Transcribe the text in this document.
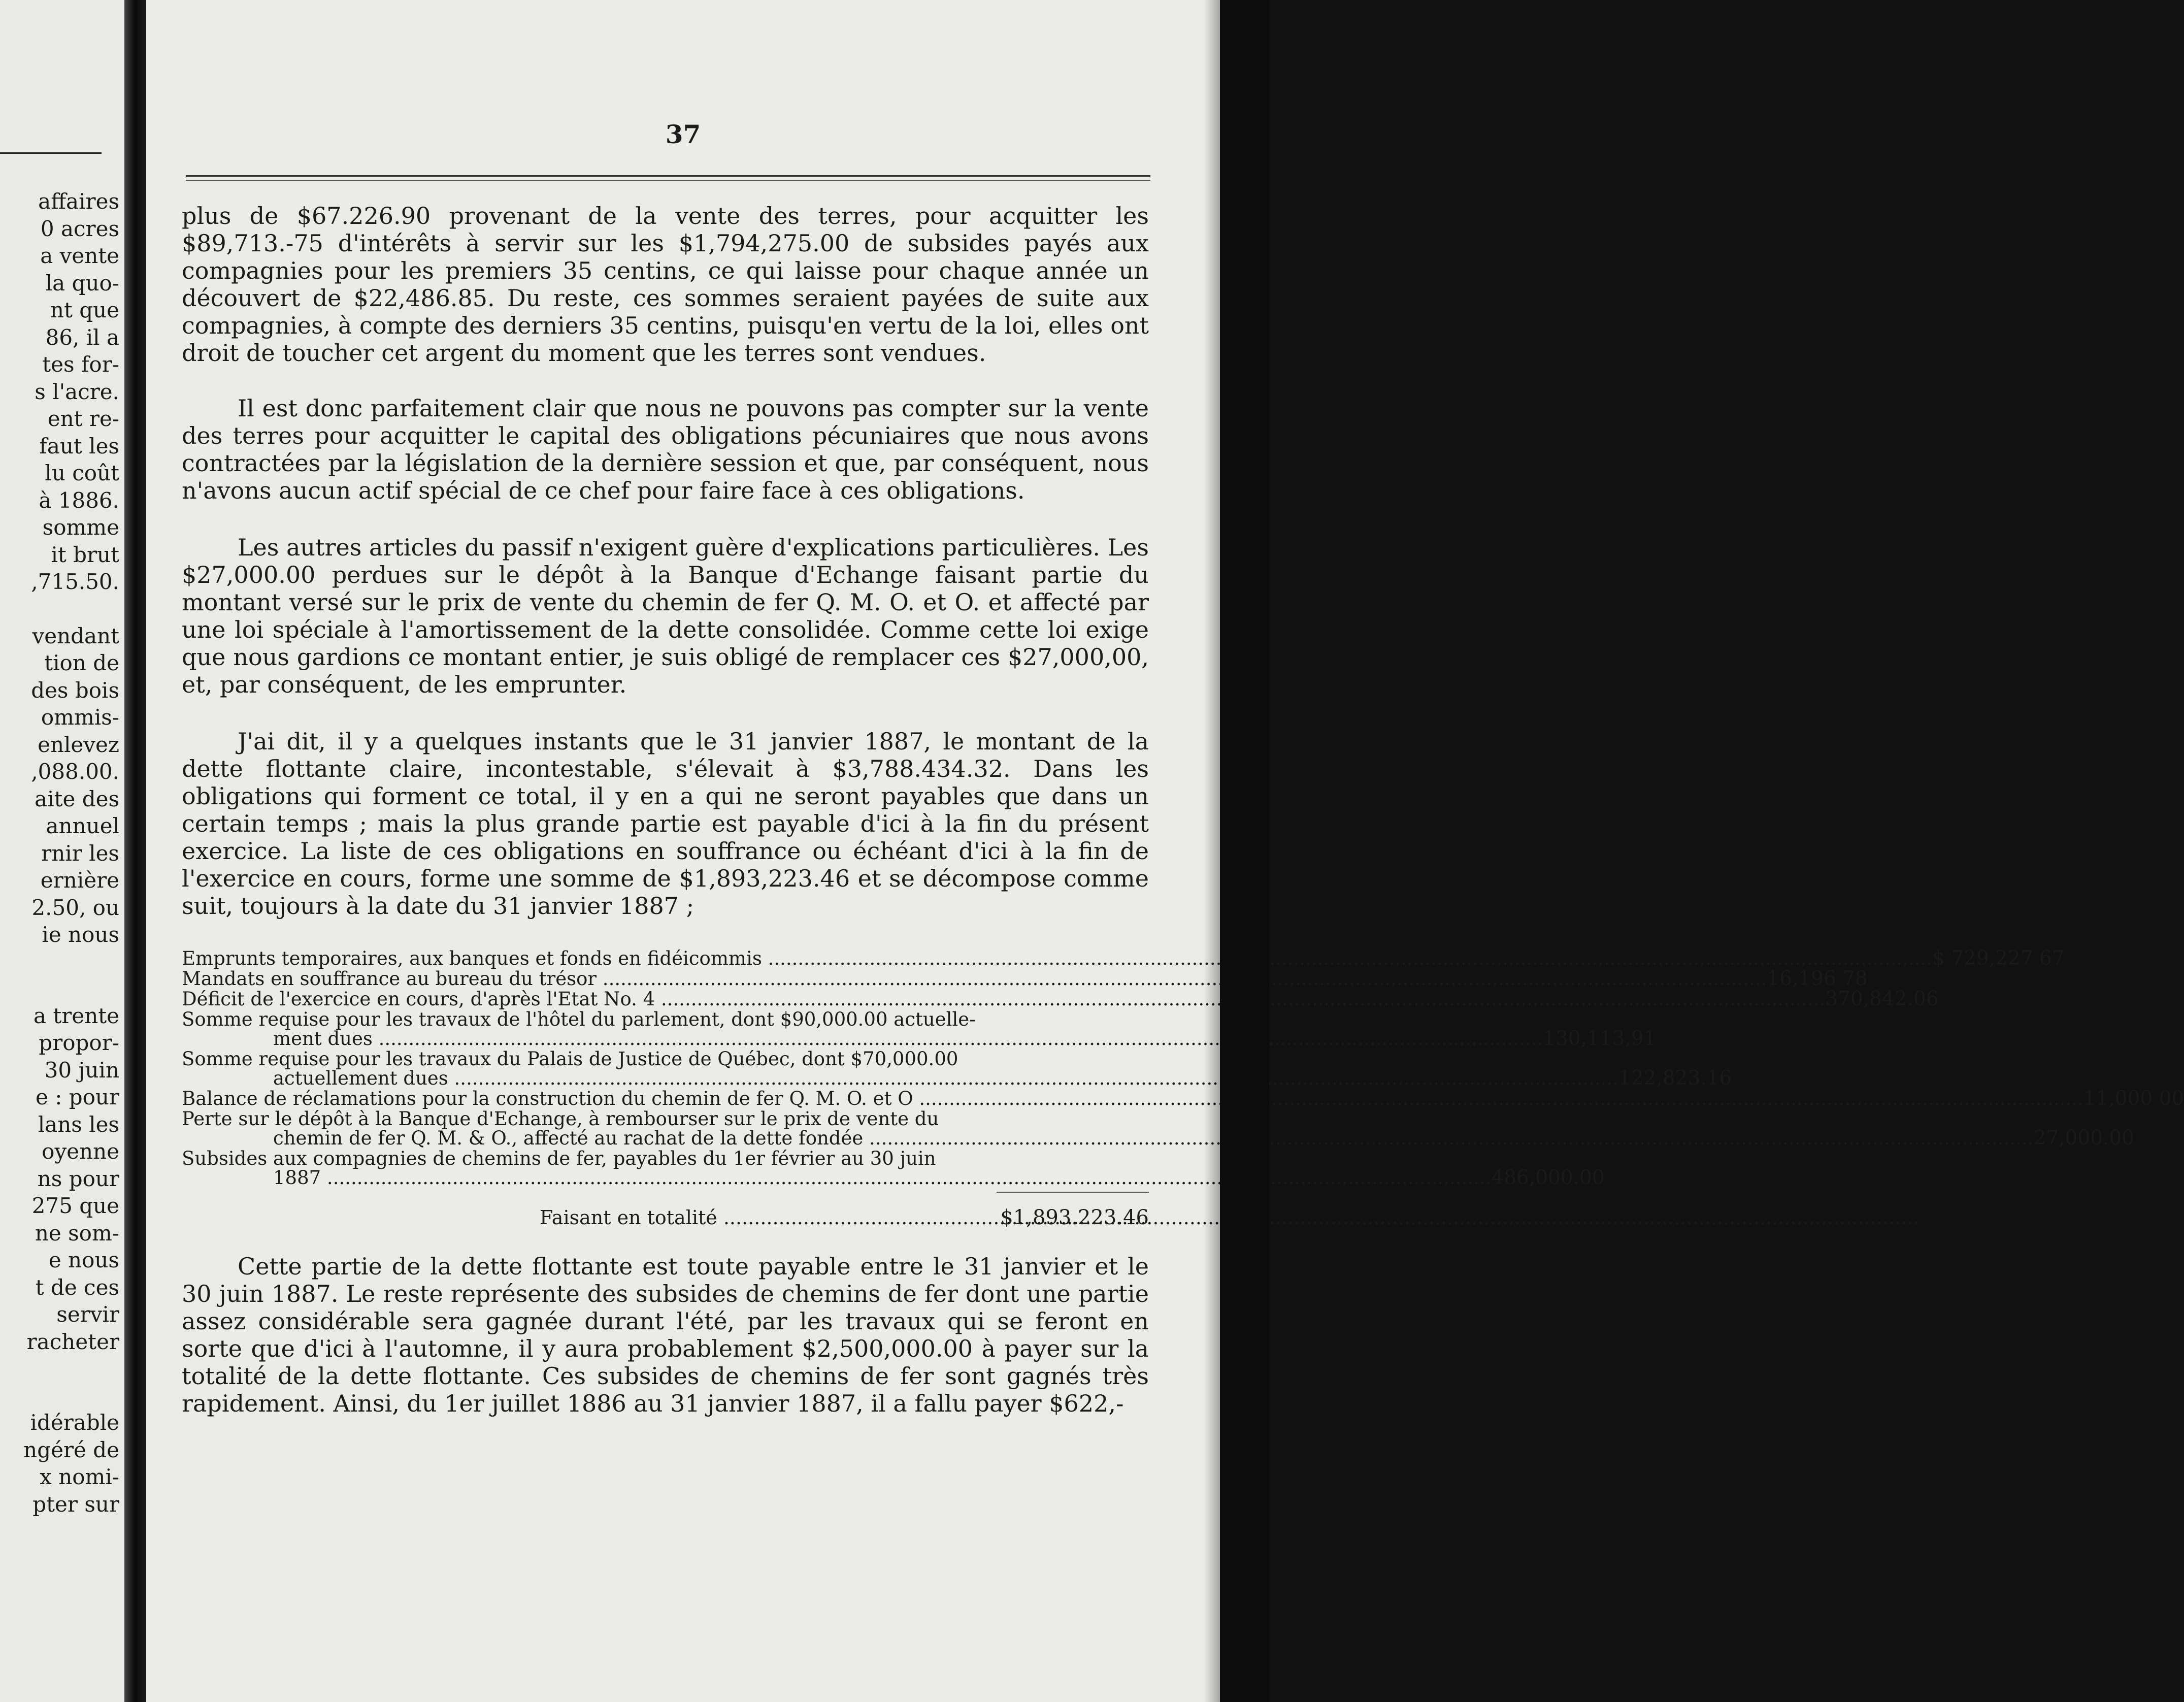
affaires
0 acres
a vente
la quo-
nt que
86, il a
tes for-
s l'acre.
ent re-
faut les
lu coût
à 1886.
somme
it brut
,715.50.
vendant
tion de
des bois
ommis-
enlevez
,088.00.
aite des
annuel
rnir les
ernière
2.50, ou
ie nous
a trente
propor-
30 juin
e : pour
lans les
oyenne
ns pour
275 que
ne som-
e nous
t de ces
servir
racheter
idérable
ngéré de
x nomi-
pter sur
37

plus de $67.226.90 provenant de la vente des terres, pour acquitter les $89,713.-75 d'intérêts à servir sur les $1,794,275.00 de subsides payés aux compagnies pour les premiers 35 centins, ce qui laisse pour chaque année un découvert de $22,486.85. Du reste, ces sommes seraient payées de suite aux compagnies, à compte des derniers 35 centins, puisqu'en vertu de la loi, elles ont droit de toucher cet argent du moment que les terres sont vendues.

Il est donc parfaitement clair que nous ne pouvons pas compter sur la vente des terres pour acquitter le capital des obligations pécuniaires que nous avons contractées par la législation de la dernière session et que, par conséquent, nous n'avons aucun actif spécial de ce chef pour faire face à ces obligations.

Les autres articles du passif n'exigent guère d'explications particulières. Les $27,000.00 perdues sur le dépôt à la Banque d'Echange faisant partie du montant versé sur le prix de vente du chemin de fer Q. M. O. et O. et affecté par une loi spéciale à l'amortissement de la dette consolidée. Comme cette loi exige que nous gardions ce montant entier, je suis obligé de remplacer ces $27,000,00, et, par conséquent, de les emprunter.

J'ai dit, il y a quelques instants que le 31 janvier 1887, le montant de la dette flottante claire, incontestable, s'élevait à $3,788.434.32. Dans les obligations qui forment ce total, il y en a qui ne seront payables que dans un certain temps ; mais la plus grande partie est payable d'ici à la fin du présent exercice. La liste de ces obligations en souffrance ou échéant d'ici à la fin de l'exercice en cours, forme une somme de $1,893,223.46 et se décompose comme suit, toujours à la date du 31 janvier 1887 ;

Emprunts temporaires, aux banques et fonds en fidéicommis .....	$ 729,227 67
Mandats en souffrance au bureau du trésor .....	16,196 78
Déficit de l'exercice en cours, d'après l'Etat No. 4 .....	370,842.06
Somme requise pour les travaux de l'hôtel du parlement, dont $90,000.00 actuelle-
ment dues .....	130,113,91
Somme requise pour les travaux du Palais de Justice de Québec, dont $70,000.00
actuellement dues .....	122,823.16
Balance de réclamations pour la construction du chemin de fer Q. M. O. et O .....	11,000 00
Perte sur le dépôt à la Banque d'Echange, à rembourser sur le prix de vente du
chemin de fer Q. M. & O., affecté au rachat de la dette fondée .....	27,000.00
Subsides aux compagnies de chemins de fer, payables du 1er février au 30 juin
1887 .....	486,000.00
Faisant en totalité .....	$1,893.223.46

Cette partie de la dette flottante est toute payable entre le 31 janvier et le 30 juin 1887. Le reste représente des subsides de chemins de fer dont une partie assez considérable sera gagnée durant l'été, par les travaux qui se feront en sorte que d'ici à l'automne, il y aura probablement $2,500,000.00 à payer sur la totalité de la dette flottante. Ces subsides de chemins de fer sont gagnés très rapidement. Ainsi, du 1er juillet 1886 au 31 janvier 1887, il a fallu payer $622,-
